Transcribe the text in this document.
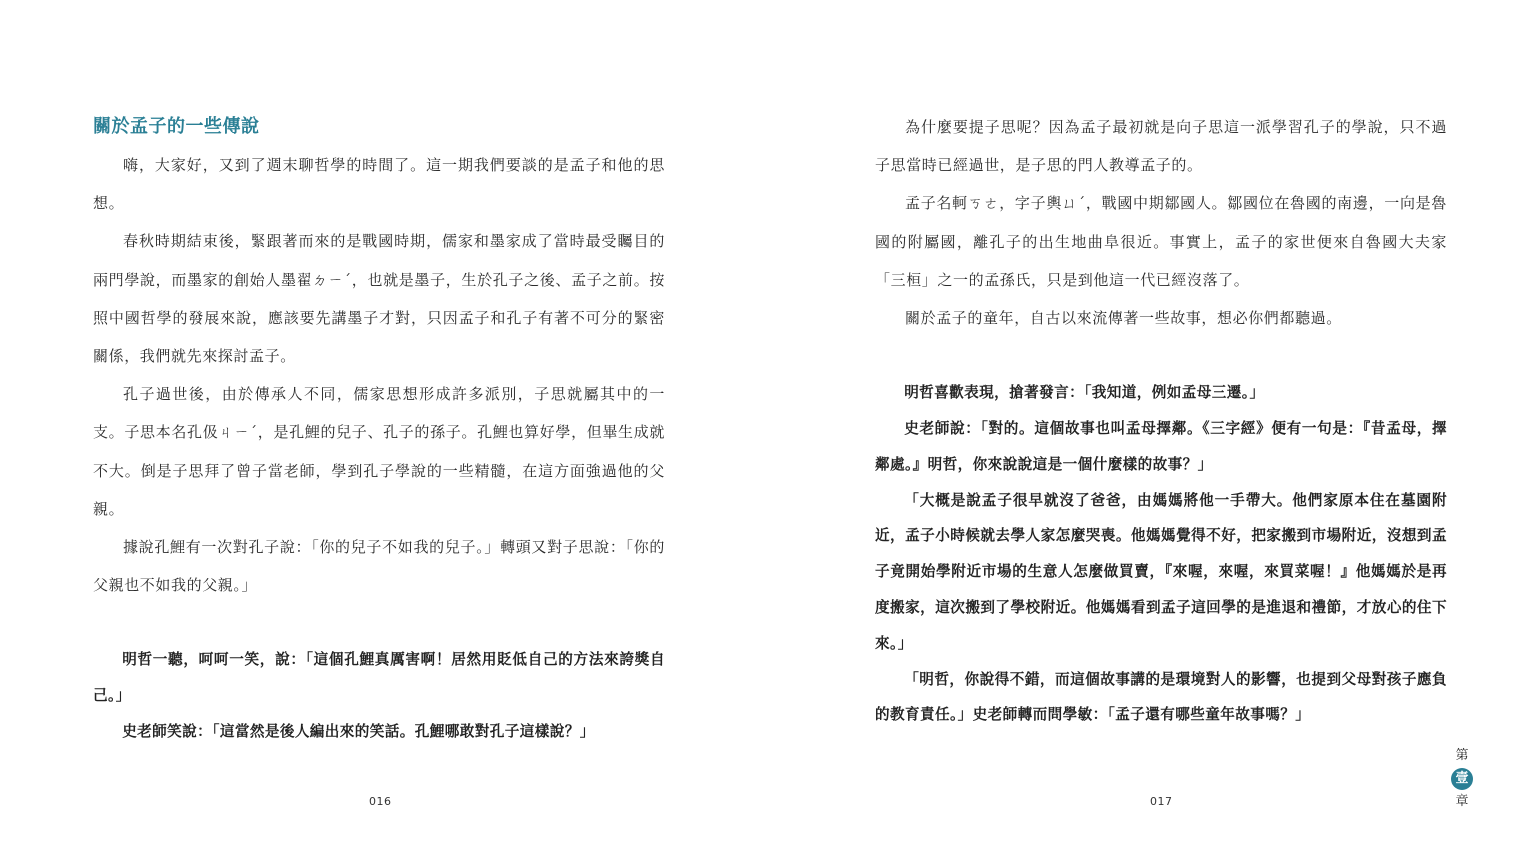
關於孟子的一些傳說

嗨，大家好，又到了週末聊哲學的時間了。這一期我們要談的是孟子和他的思想。

春秋時期結束後，緊跟著而來的是戰國時期，儒家和墨家成了當時最受矚目的兩門學說，而墨家的創始人墨翟ㄉㄧˊ，也就是墨子，生於孔子之後、孟子之前。按照中國哲學的發展來說，應該要先講墨子才對，只因孟子和孔子有著不可分的緊密關係，我們就先來探討孟子。

孔子過世後，由於傳承人不同，儒家思想形成許多派別，子思就屬其中的一支。子思本名孔伋ㄐㄧˊ，是孔鯉的兒子、孔子的孫子。孔鯉也算好學，但畢生成就不大。倒是子思拜了曾子當老師，學到孔子學說的一些精髓，在這方面強過他的父親。

據說孔鯉有一次對孔子說：「你的兒子不如我的兒子。」轉頭又對子思說：「你的父親也不如我的父親。」

明哲一聽，呵呵一笑，說：「這個孔鯉真厲害啊！居然用貶低自己的方法來誇獎自己。」

史老師笑說：「這當然是後人編出來的笑話。孔鯉哪敢對孔子這樣說？」

016

為什麼要提子思呢？因為孟子最初就是向子思這一派學習孔子的學說，只不過子思當時已經過世，是子思的門人教導孟子的。

孟子名軻ㄎㄜ，字子輿ㄩˊ，戰國中期鄒國人。鄒國位在魯國的南邊，一向是魯國的附屬國，離孔子的出生地曲阜很近。事實上，孟子的家世便來自魯國大夫家「三桓」之一的孟孫氏，只是到他這一代已經沒落了。

關於孟子的童年，自古以來流傳著一些故事，想必你們都聽過。

明哲喜歡表現，搶著發言：「我知道，例如孟母三遷。」

史老師說：「對的。這個故事也叫孟母擇鄰。《三字經》便有一句是：『昔孟母，擇鄰處。』明哲，你來說說這是一個什麼樣的故事？」

「大概是說孟子很早就沒了爸爸，由媽媽將他一手帶大。他們家原本住在墓園附近，孟子小時候就去學人家怎麼哭喪。他媽媽覺得不好，把家搬到市場附近，沒想到孟子竟開始學附近市場的生意人怎麼做買賣，『來喔，來喔，來買菜喔！』他媽媽於是再度搬家，這次搬到了學校附近。他媽媽看到孟子這回學的是進退和禮節，才放心的住下來。」

「明哲，你說得不錯，而這個故事講的是環境對人的影響，也提到父母對孩子應負的教育責任。」史老師轉而問學敏：「孟子還有哪些童年故事嗎？」

017
第
壹
章
